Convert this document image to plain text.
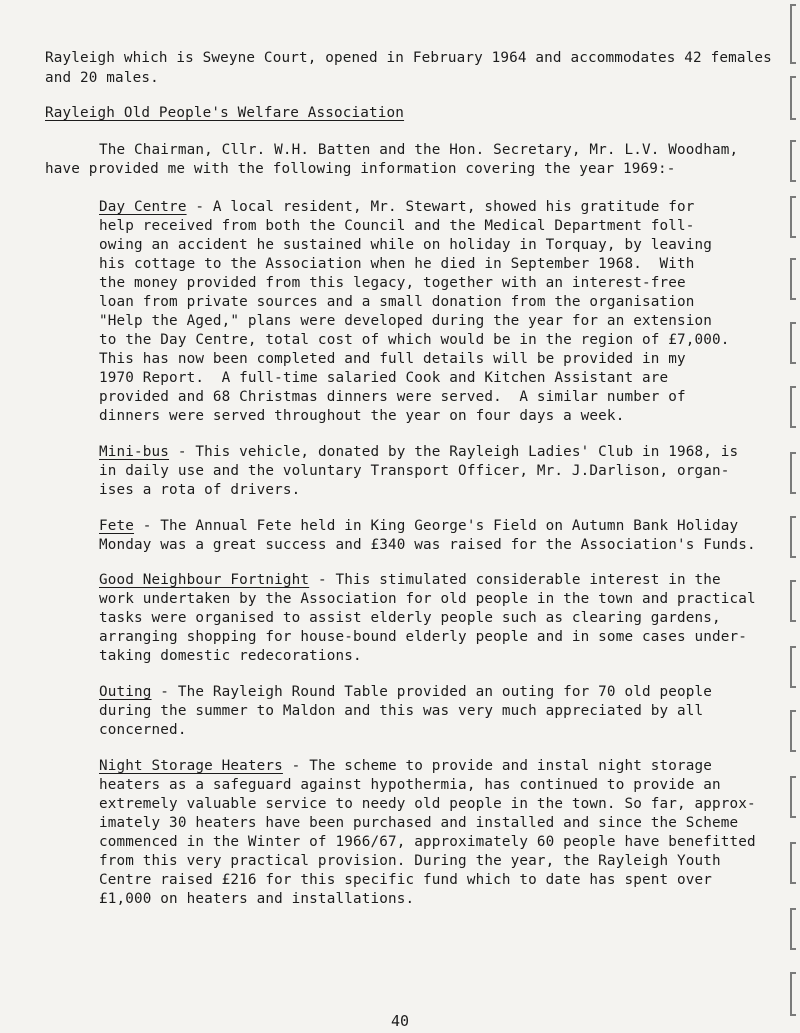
Rayleigh which is Sweyne Court, opened in February 1964 and accommodates 42 females
and 20 males.
Rayleigh Old People's Welfare Association
The Chairman, Cllr. W.H. Batten and the Hon. Secretary, Mr. L.V. Woodham,
have provided me with the following information covering the year 1969:-
Day Centre - A local resident, Mr. Stewart, showed his gratitude for
help received from both the Council and the Medical Department foll-
owing an accident he sustained while on holiday in Torquay, by leaving
his cottage to the Association when he died in September 1968.  With
the money provided from this legacy, together with an interest-free
loan from private sources and a small donation from the organisation
"Help the Aged," plans were developed during the year for an extension
to the Day Centre, total cost of which would be in the region of £7,000.
This has now been completed and full details will be provided in my
1970 Report.  A full-time salaried Cook and Kitchen Assistant are
provided and 68 Christmas dinners were served.  A similar number of
dinners were served throughout the year on four days a week.
Mini-bus - This vehicle, donated by the Rayleigh Ladies' Club in 1968, is
in daily use and the voluntary Transport Officer, Mr. J.Darlison, organ-
ises a rota of drivers.
Fete - The Annual Fete held in King George's Field on Autumn Bank Holiday
Monday was a great success and £340 was raised for the Association's Funds.
Good Neighbour Fortnight - This stimulated considerable interest in the
work undertaken by the Association for old people in the town and practical
tasks were organised to assist elderly people such as clearing gardens,
arranging shopping for house-bound elderly people and in some cases under-
taking domestic redecorations.
Outing - The Rayleigh Round Table provided an outing for 70 old people
during the summer to Maldon and this was very much appreciated by all
concerned.
Night Storage Heaters - The scheme to provide and instal night storage
heaters as a safeguard against hypothermia, has continued to provide an
extremely valuable service to needy old people in the town. So far, approx-
imately 30 heaters have been purchased and installed and since the Scheme
commenced in the Winter of 1966/67, approximately 60 people have benefitted
from this very practical provision. During the year, the Rayleigh Youth
Centre raised £216 for this specific fund which to date has spent over
£1,000 on heaters and installations.
40
